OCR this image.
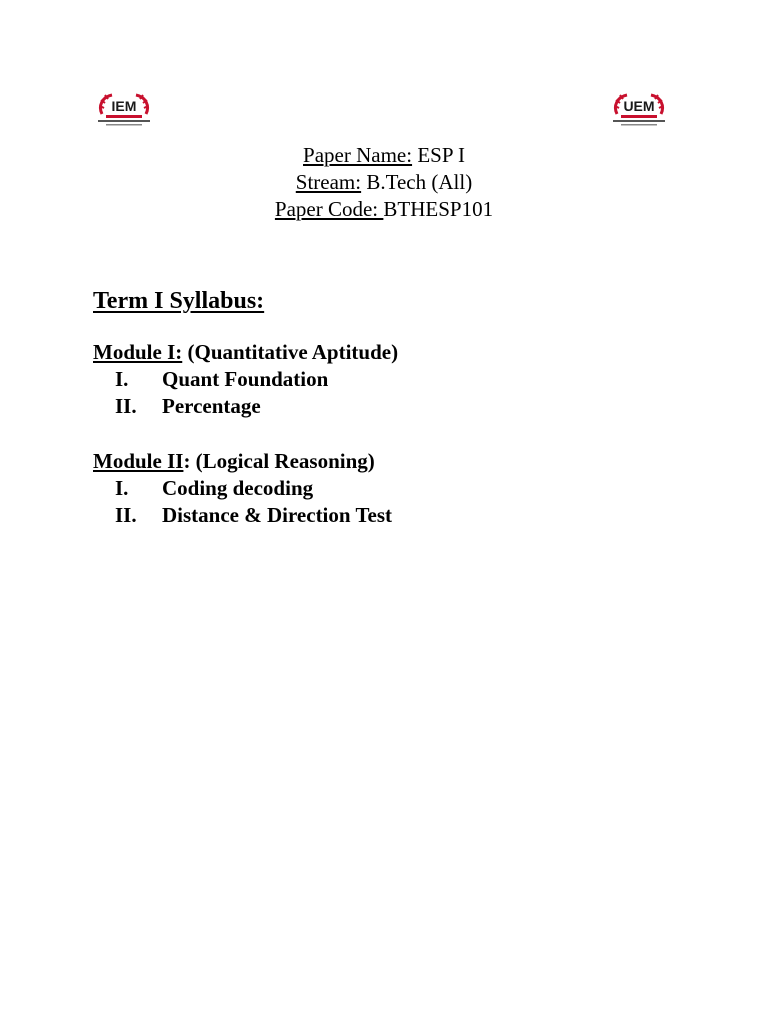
IEM	UEM
Paper Name: ESP I
Stream: B.Tech (All)
Paper Code: BTHESP101
Term I Syllabus:
Module I: (Quantitative Aptitude)
I.	Quant Foundation
II.	Percentage
Module II: (Logical Reasoning)
I.	Coding decoding
II.	Distance & Direction Test
